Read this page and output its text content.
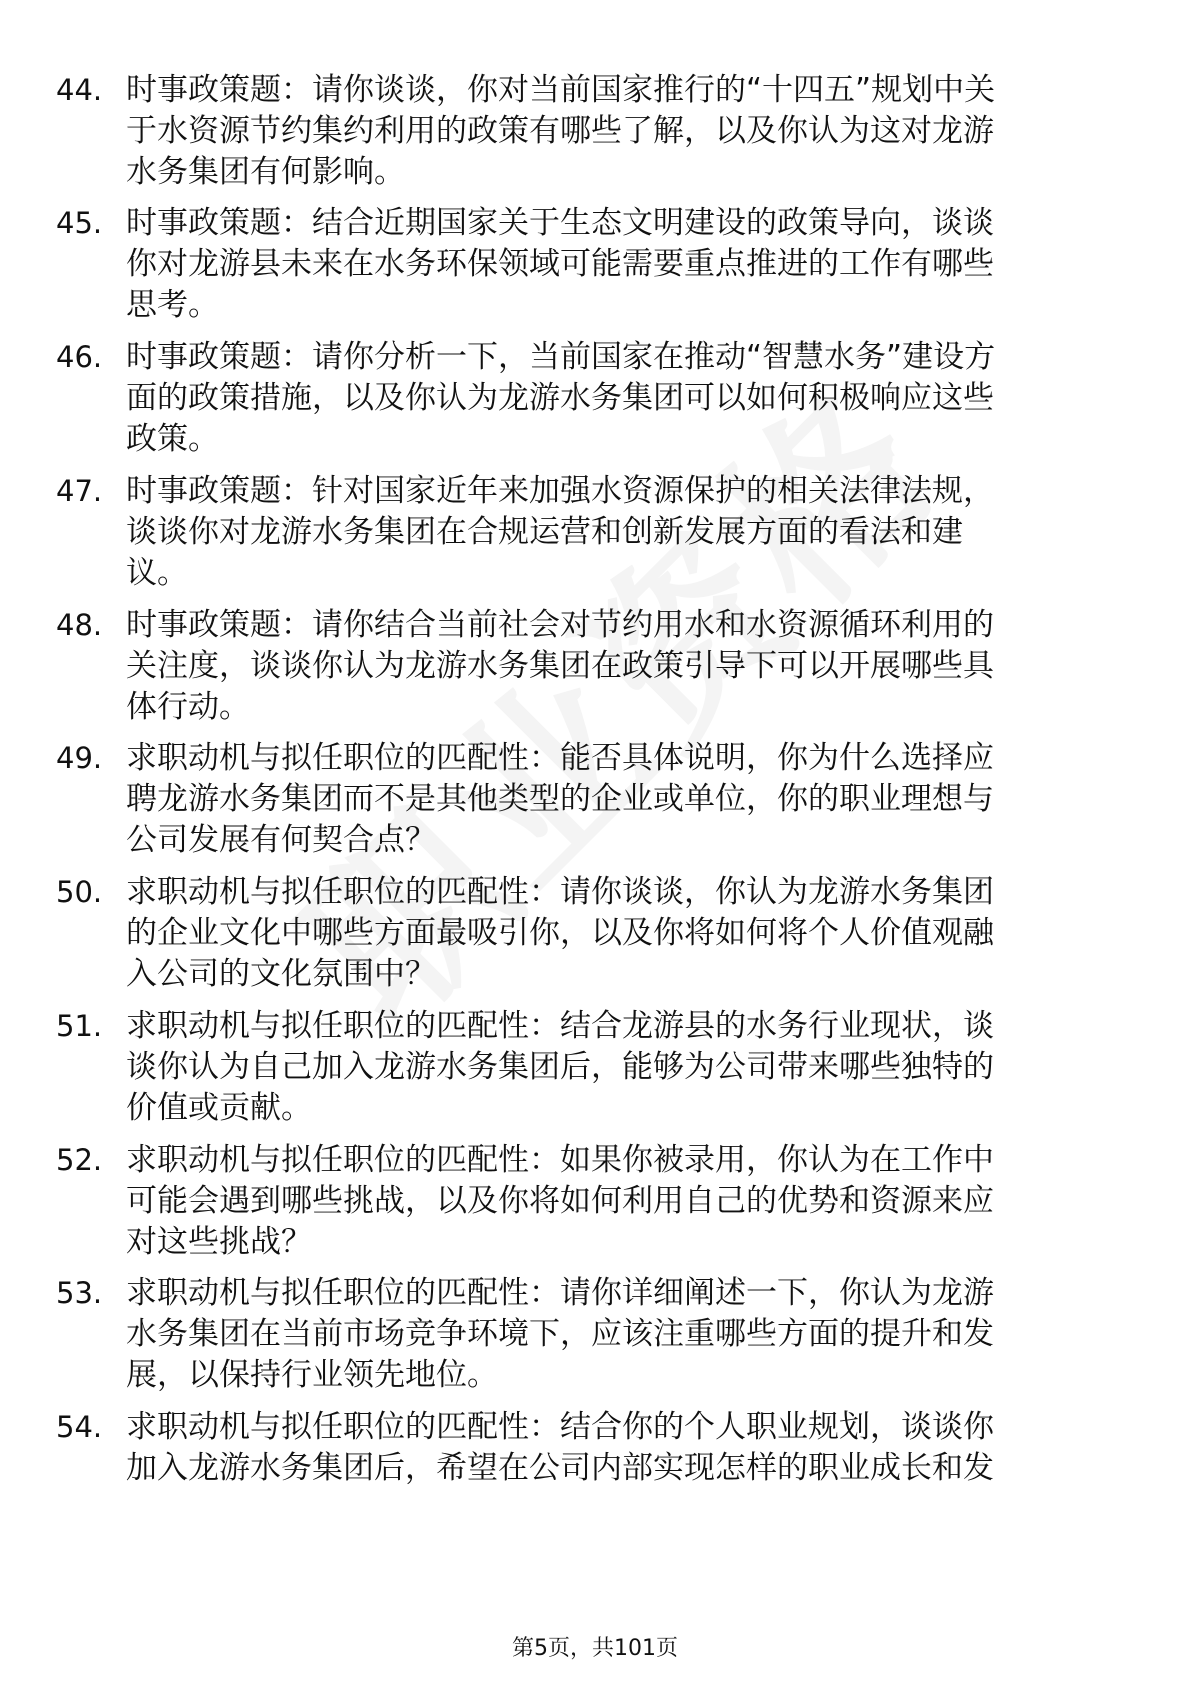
44. 时事政策题：请你谈谈，你对当前国家推行的“十四五”规划中关
于水资源节约集约利用的政策有哪些了解，以及你认为这对龙游
水务集团有何影响。
45. 时事政策题：结合近期国家关于生态文明建设的政策导向，谈谈
你对龙游县未来在水务环保领域可能需要重点推进的工作有哪些
思考。
46. 时事政策题：请你分析一下，当前国家在推动“智慧水务”建设方
面的政策措施，以及你认为龙游水务集团可以如何积极响应这些
政策。
47. 时事政策题：针对国家近年来加强水资源保护的相关法律法规，
谈谈你对龙游水务集团在合规运营和创新发展方面的看法和建
议。
48. 时事政策题：请你结合当前社会对节约用水和水资源循环利用的
关注度，谈谈你认为龙游水务集团在政策引导下可以开展哪些具
体行动。
49. 求职动机与拟任职位的匹配性：能否具体说明，你为什么选择应
聘龙游水务集团而不是其他类型的企业或单位，你的职业理想与
公司发展有何契合点？
50. 求职动机与拟任职位的匹配性：请你谈谈，你认为龙游水务集团
的企业文化中哪些方面最吸引你，以及你将如何将个人价值观融
入公司的文化氛围中？
51. 求职动机与拟任职位的匹配性：结合龙游县的水务行业现状，谈
谈你认为自己加入龙游水务集团后，能够为公司带来哪些独特的
价值或贡献。
52. 求职动机与拟任职位的匹配性：如果你被录用，你认为在工作中
可能会遇到哪些挑战，以及你将如何利用自己的优势和资源来应
对这些挑战？
53. 求职动机与拟任职位的匹配性：请你详细阐述一下，你认为龙游
水务集团在当前市场竞争环境下，应该注重哪些方面的提升和发
展，以保持行业领先地位。
54. 求职动机与拟任职位的匹配性：结合你的个人职业规划，谈谈你
加入龙游水务集团后，希望在公司内部实现怎样的职业成长和发
第5页，共101页
